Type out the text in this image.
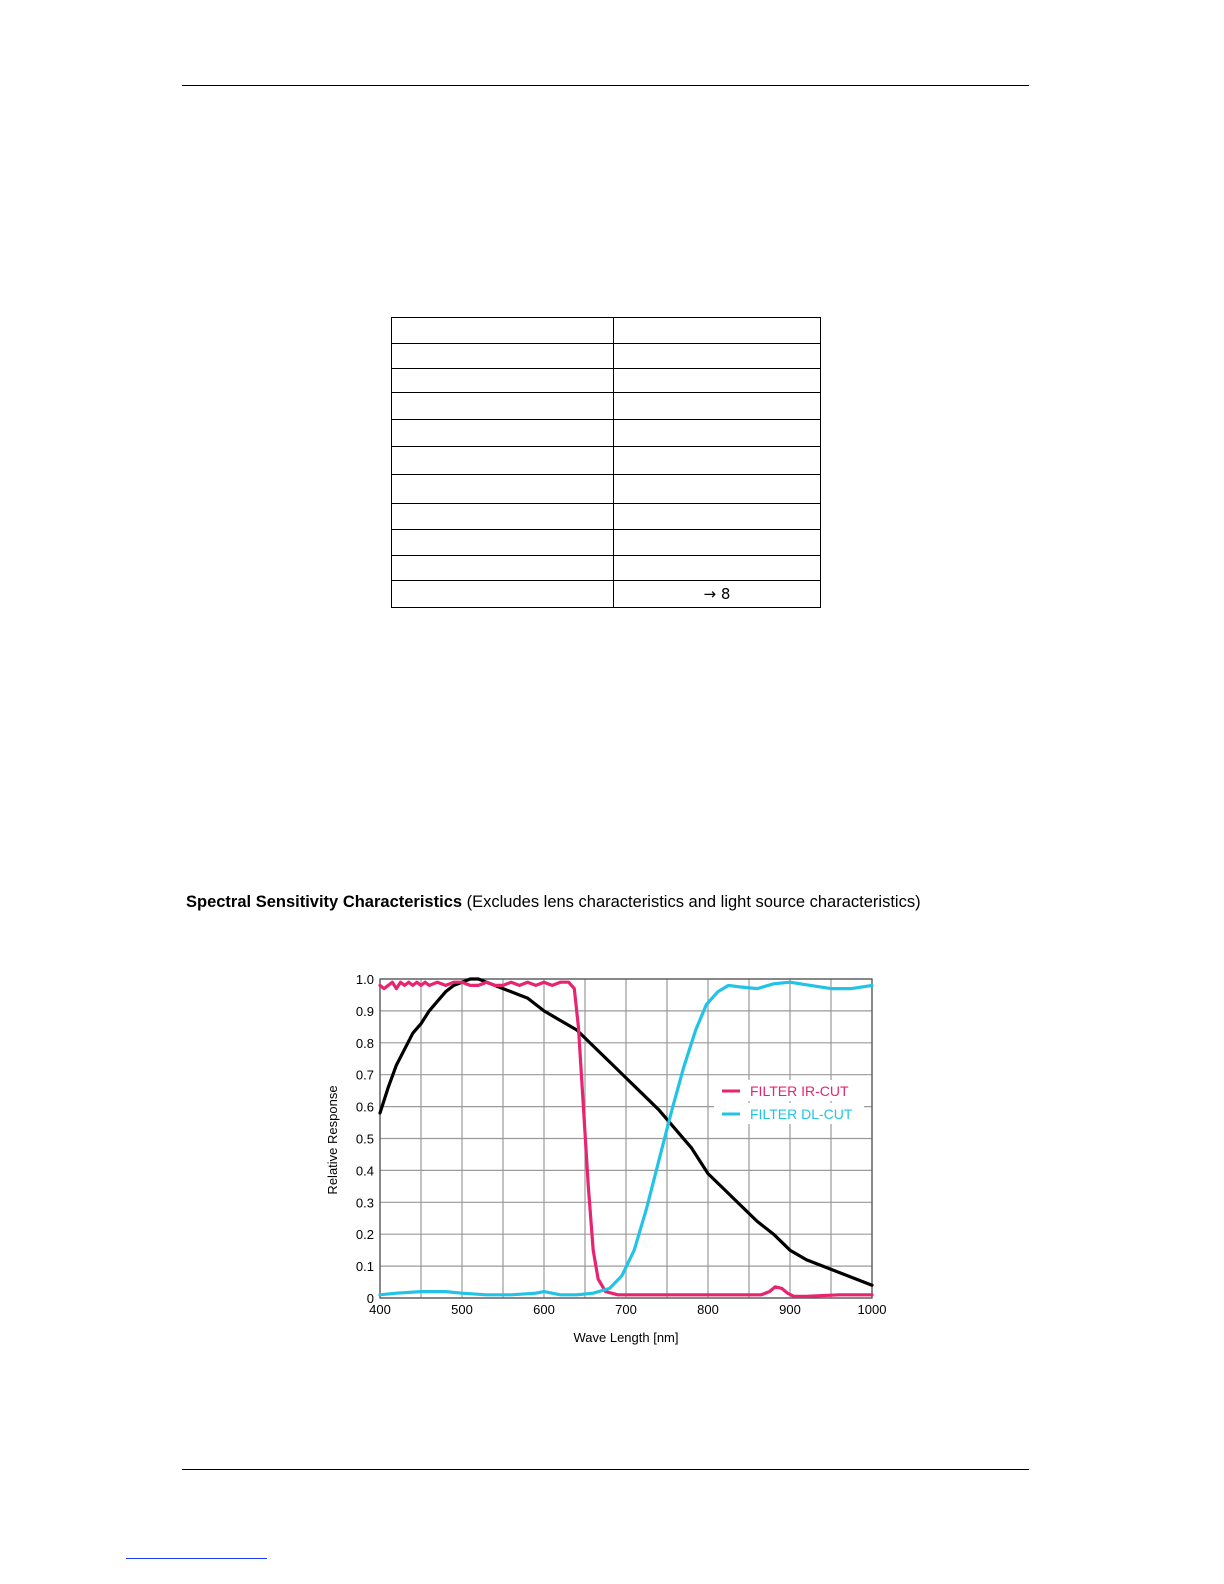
	→ 8
Spectral Sensitivity Characteristics (Excludes lens characteristics and light source characteristics)
400	500	600	700	800	900	1000
0
0.1
0.2
0.3
0.4
0.5
0.6
0.7
0.8
0.9
1.0
FILTER IR-CUT
FILTER DL-CUT
Wave Length [nm]
Relative Response
